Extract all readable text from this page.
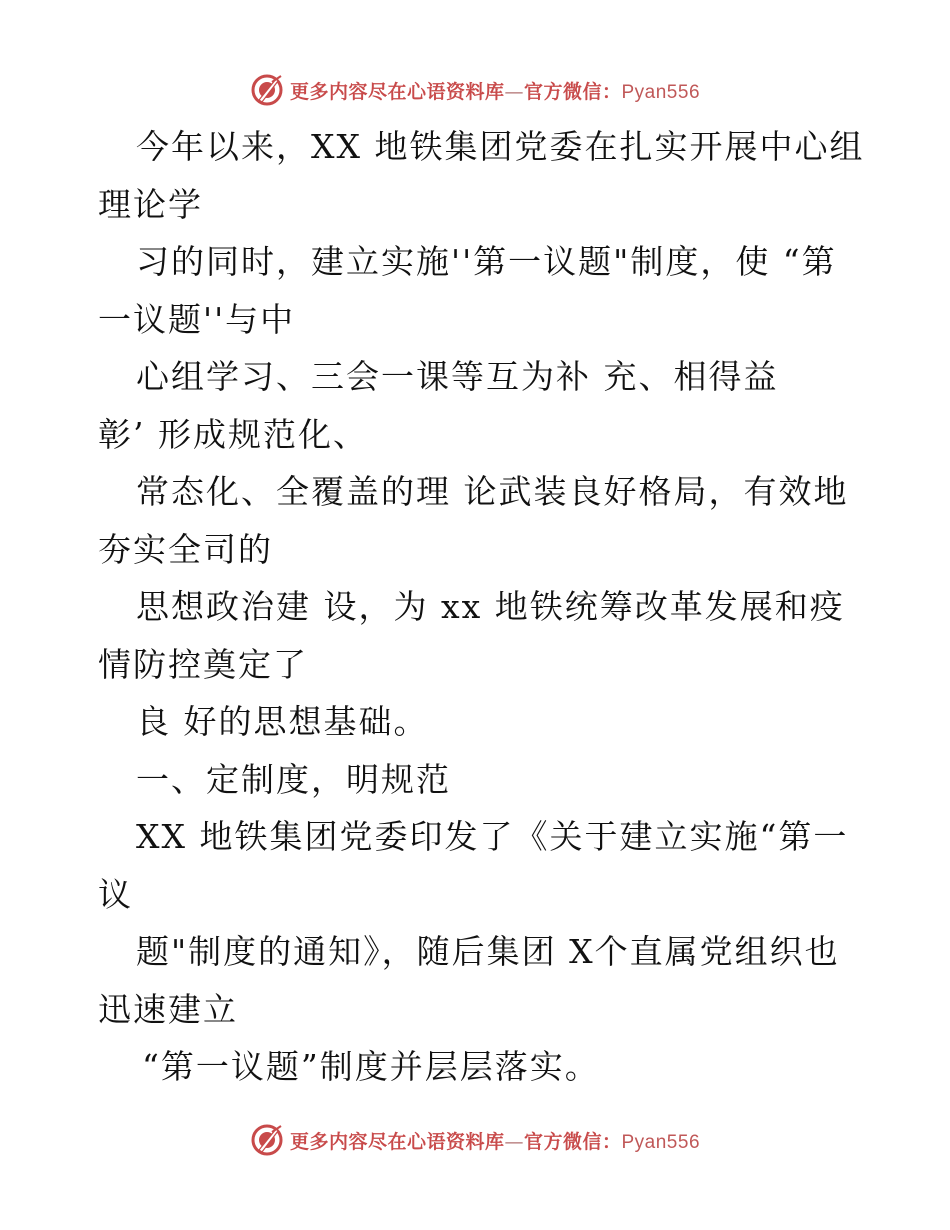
更多内容尽在心语资料库—官方微信：Pyan556
今年以来，XX 地铁集团党委在扎实开展中心组
理论学
习的同时，建立实施''第一议题"制度，使 “第
一议题''与中
心组学习、三会一课等互为补 充、相得益
彰’ 形成规范化、
常态化、全覆盖的理 论武装良好格局，有效地
夯实全司的
思想政治建 设，为 xx 地铁统筹改革发展和疫
情防控奠定了
良 好的思想基础。
一、定制度，明规范
XX 地铁集团党委印发了《关于建立实施“第一
议
题"制度的通知》，随后集团 X个直属党组织也
迅速建立
“第一议题”制度并层层落实。
更多内容尽在心语资料库—官方微信：Pyan556
